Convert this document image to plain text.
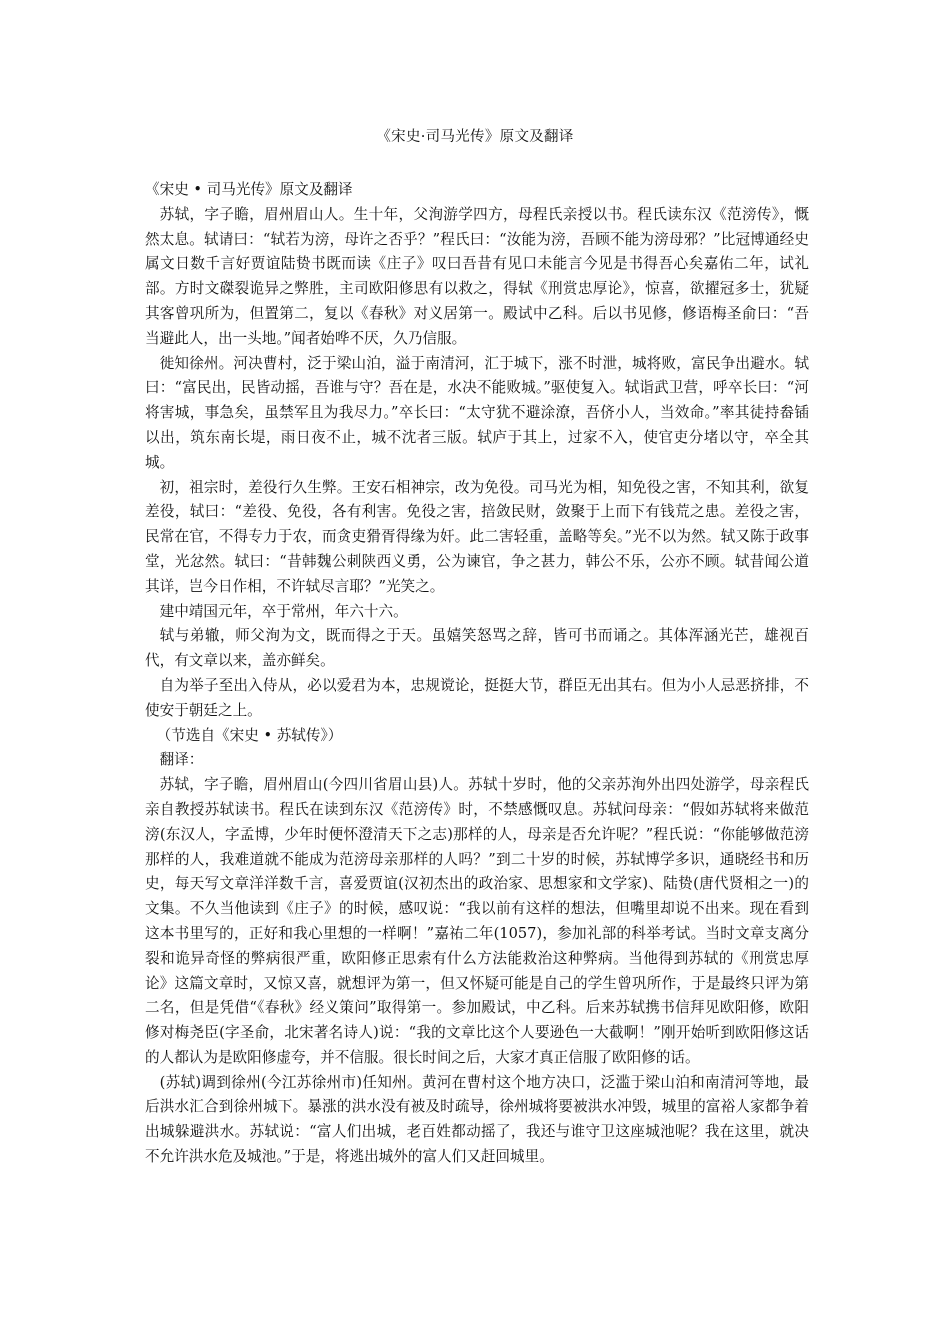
《宋史·司马光传》原文及翻译

《宋史 • 司马光传》原文及翻译

苏轼，字子瞻，眉州眉山人。生十年，父洵游学四方，母程氏亲授以书。程氏读东汉《范滂传》，慨然太息。轼请曰：“轼若为滂，母许之否乎？”程氏曰：“汝能为滂，吾顾不能为滂母邪？”比冠博通经史属文日数千言好贾谊陆贽书既而读《庄子》叹曰吾昔有见口未能言今见是书得吾心矣嘉佑二年，试礼部。方时文磔裂诡异之弊胜，主司欧阳修思有以救之，得轼《刑赏忠厚论》，惊喜，欲擢冠多士，犹疑其客曾巩所为，但置第二，复以《春秋》对义居第一。殿试中乙科。后以书见修，修语梅圣俞曰：“吾当避此人，出一头地。”闻者始哗不厌，久乃信服。

徙知徐州。河决曹村，泛于梁山泊，溢于南清河，汇于城下，涨不时泄，城将败，富民争出避水。轼曰：“富民出，民皆动摇，吾谁与守？吾在是，水决不能败城。”驱使复入。轼诣武卫营，呼卒长曰：“河将害城，事急矣，虽禁军且为我尽力。”卒长曰：“太守犹不避涂潦，吾侪小人，当效命。”率其徒持畚锸以出，筑东南长堤，雨日夜不止，城不沈者三版。轼庐于其上，过家不入，使官吏分堵以守，卒全其城。

初，祖宗时，差役行久生弊。王安石相神宗，改为免役。司马光为相，知免役之害，不知其利，欲复差役，轼曰：“差役、免役，各有利害。免役之害，掊敛民财，敛聚于上而下有钱荒之患。差役之害，民常在官，不得专力于农，而贪吏猾胥得缘为奸。此二害轻重，盖略等矣。”光不以为然。轼又陈于政事堂，光忿然。轼曰：“昔韩魏公刺陕西义勇，公为谏官，争之甚力，韩公不乐，公亦不顾。轼昔闻公道其详，岂今日作相，不许轼尽言耶？”光笑之。

建中靖国元年，卒于常州，年六十六。

轼与弟辙，师父洵为文，既而得之于天。虽嬉笑怒骂之辞，皆可书而诵之。其体浑涵光芒，雄视百代，有文章以来，盖亦鲜矣。

自为举子至出入侍从，必以爱君为本，忠规谠论，挺挺大节，群臣无出其右。但为小人忌恶挤排，不使安于朝廷之上。

（节选自《宋史 • 苏轼传》）

翻译：

苏轼，字子瞻，眉州眉山(今四川省眉山县)人。苏轼十岁时，他的父亲苏洵外出四处游学，母亲程氏亲自教授苏轼读书。程氏在读到东汉《范滂传》时，不禁感慨叹息。苏轼问母亲：“假如苏轼将来做范滂(东汉人，字孟博，少年时便怀澄清天下之志)那样的人，母亲是否允许呢？”程氏说：“你能够做范滂那样的人，我难道就不能成为范滂母亲那样的人吗？”到二十岁的时候，苏轼博学多识，通晓经书和历史，每天写文章洋洋数千言，喜爱贾谊(汉初杰出的政治家、思想家和文学家)、陆贽(唐代贤相之一)的文集。不久当他读到《庄子》的时候，感叹说：“我以前有这样的想法，但嘴里却说不出来。现在看到这本书里写的，正好和我心里想的一样啊！”嘉祐二年(1057)，参加礼部的科举考试。当时文章支离分裂和诡异奇怪的弊病很严重，欧阳修正思索有什么方法能救治这种弊病。当他得到苏轼的《刑赏忠厚论》这篇文章时，又惊又喜，就想评为第一，但又怀疑可能是自己的学生曾巩所作，于是最终只评为第二名，但是凭借“《春秋》经义策问”取得第一。参加殿试，中乙科。后来苏轼携书信拜见欧阳修，欧阳修对梅尧臣(字圣俞，北宋著名诗人)说：“我的文章比这个人要逊色一大截啊！”刚开始听到欧阳修这话的人都认为是欧阳修虚夸，并不信服。很长时间之后，大家才真正信服了欧阳修的话。

(苏轼)调到徐州(今江苏徐州市)任知州。黄河在曹村这个地方决口，泛滥于梁山泊和南清河等地，最后洪水汇合到徐州城下。暴涨的洪水没有被及时疏导，徐州城将要被洪水冲毁，城里的富裕人家都争着出城躲避洪水。苏轼说：“富人们出城，老百姓都动摇了，我还与谁守卫这座城池呢？我在这里，就决不允许洪水危及城池。”于是，将逃出城外的富人们又赶回城里。
